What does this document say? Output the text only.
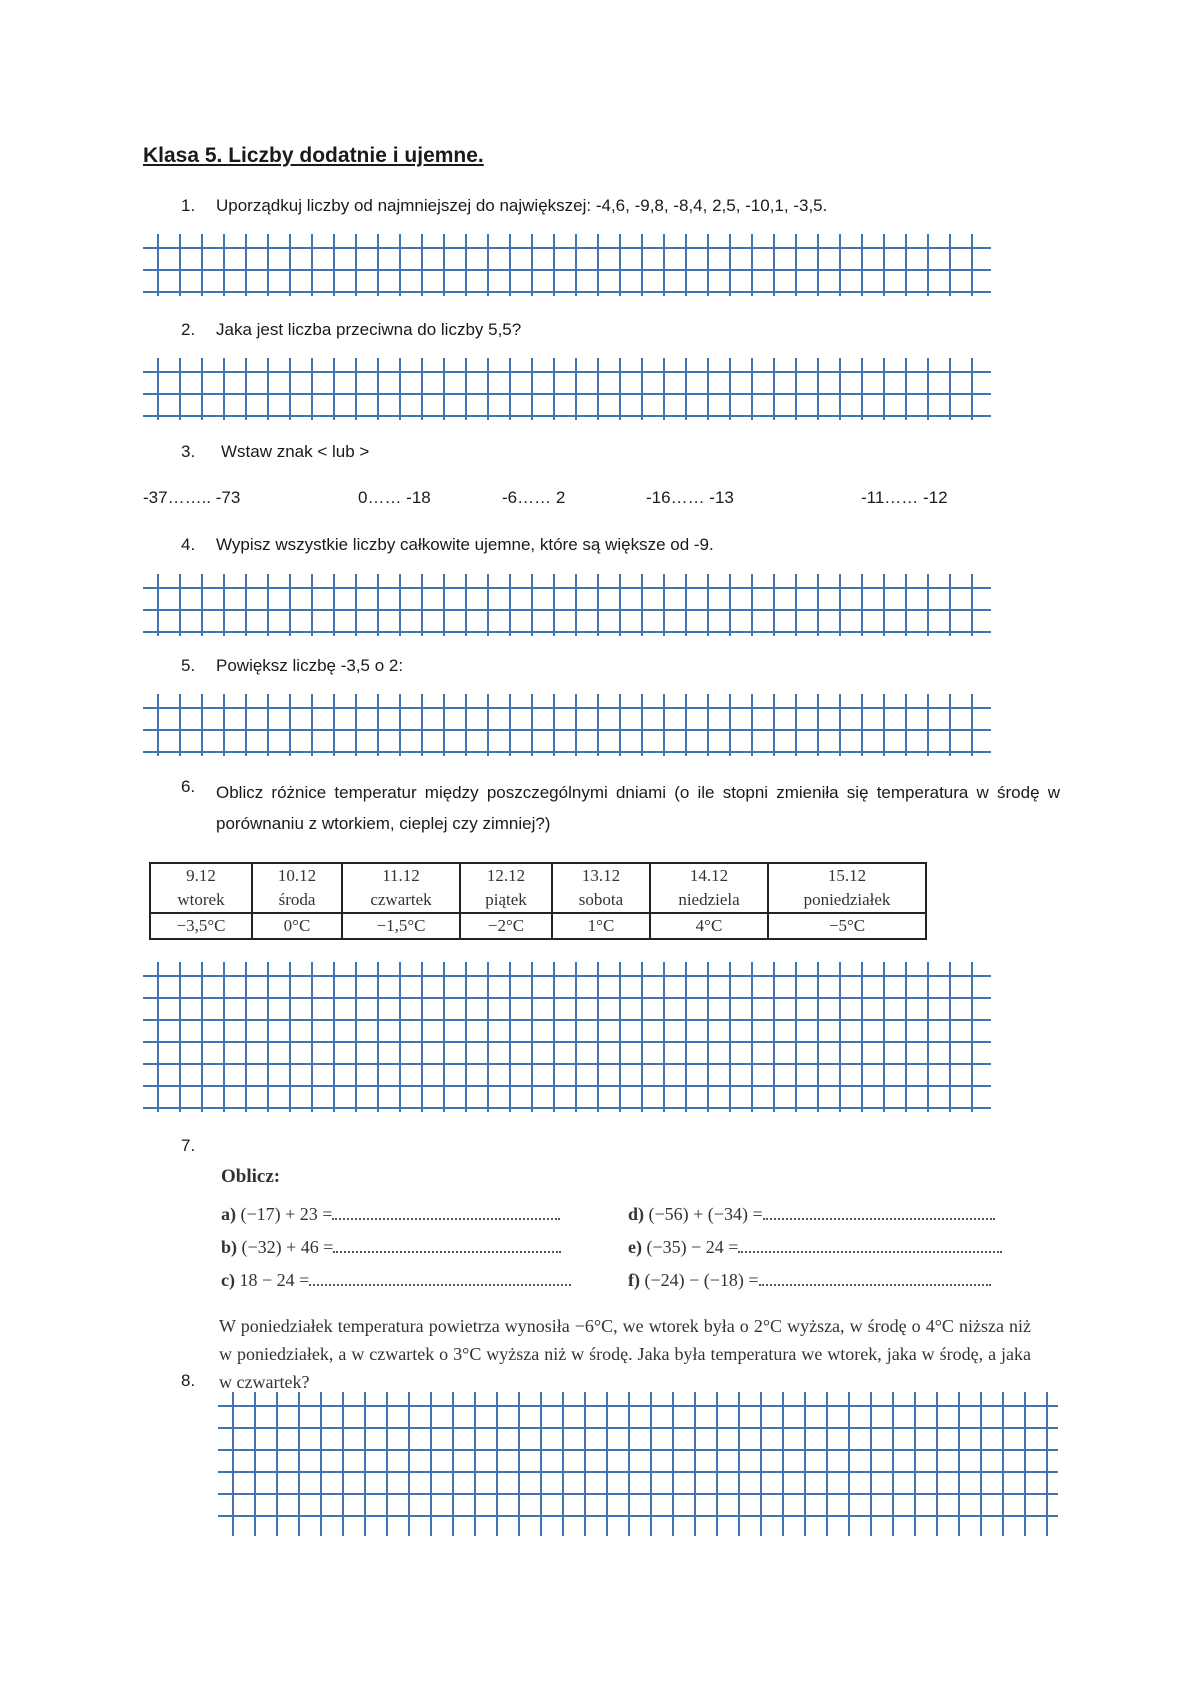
Klasa 5. Liczby dodatnie i ujemne.
1. Uporządkuj liczby od najmniejszej do największej: -4,6, -9,8, -8,4, 2,5, -10,1, -3,5.
2. Jaka jest liczba przeciwna do liczby 5,5?
3. Wstaw znak < lub >
-37…….. -73	0…… -18	-6…… 2	-16…… -13	-11…… -12
4. Wypisz wszystkie liczby całkowite ujemne, które są większe od -9.
5. Powiększ liczbę -3,5 o 2:
6. Oblicz różnice temperatur między poszczególnymi dniami (o ile stopni zmieniła się temperatura w środę w porównaniu z wtorkiem, cieplej czy zimniej?)
9.12	10.12	11.12	12.12	13.12	14.12	15.12
wtorek	środa	czwartek	piątek	sobota	niedziela	poniedziałek
−3,5°C	0°C	−1,5°C	−2°C	1°C	4°C	−5°C
7.
Oblicz:
a) (−17) + 23 =
b) (−32) + 46 =
c) 18 − 24 =
d) (−56) + (−34) =
e) (−35) − 24 =
f) (−24) − (−18) =
W poniedziałek temperatura powietrza wynosiła −6°C, we wtorek była o 2°C wyższa, w środę o 4°C niższa niż w poniedziałek, a w czwartek o 3°C wyższa niż w środę. Jaka była temperatura we wtorek, jaka w środę, a jaka w czwartek?
8.
